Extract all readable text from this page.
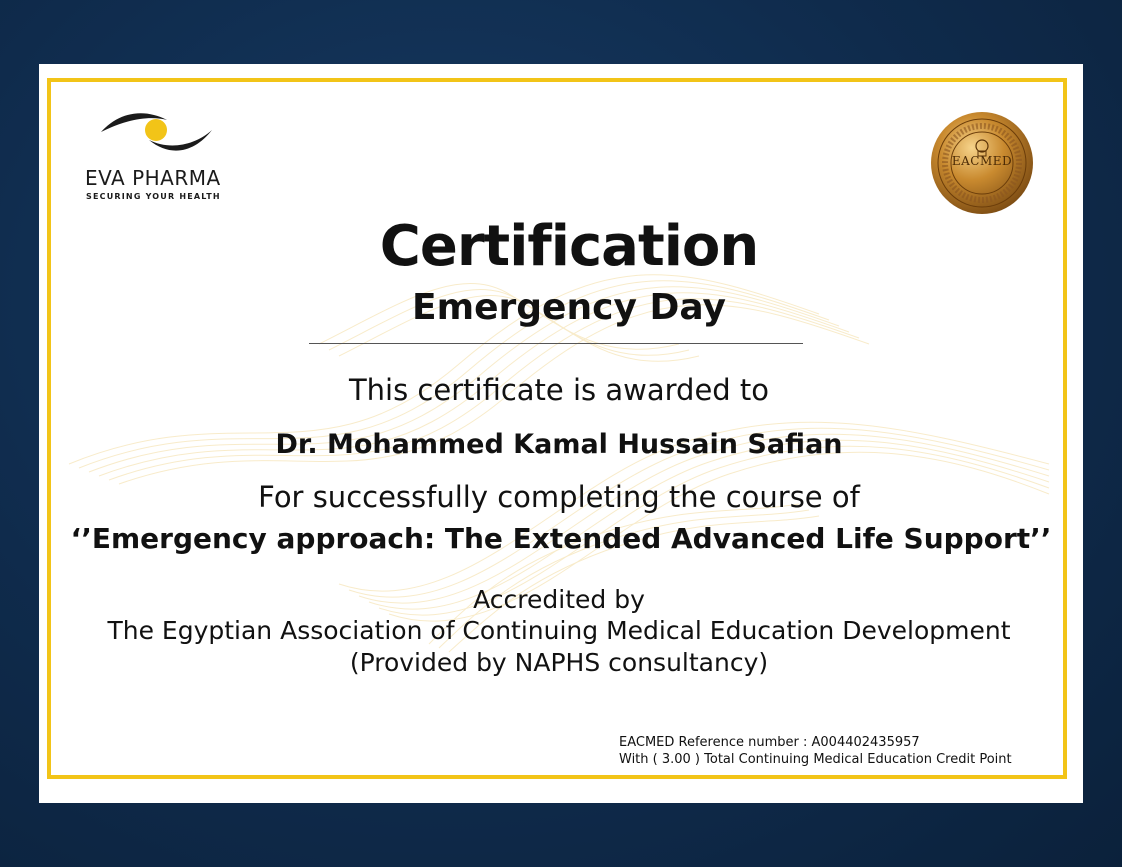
EVA PHARMA
SECURING YOUR HEALTH
EACMED
Certification
Emergency Day
This certificate is awarded to
Dr. Mohammed Kamal Hussain Safian
For successfully completing the course of
‘’Emergency approach: The Extended Advanced Life Support’’
Accredited by
The Egyptian Association of Continuing Medical Education Development
(Provided by NAPHS consultancy)
EACMED Reference number : A004402435957
With ( 3.00 ) Total Continuing Medical Education Credit Point
